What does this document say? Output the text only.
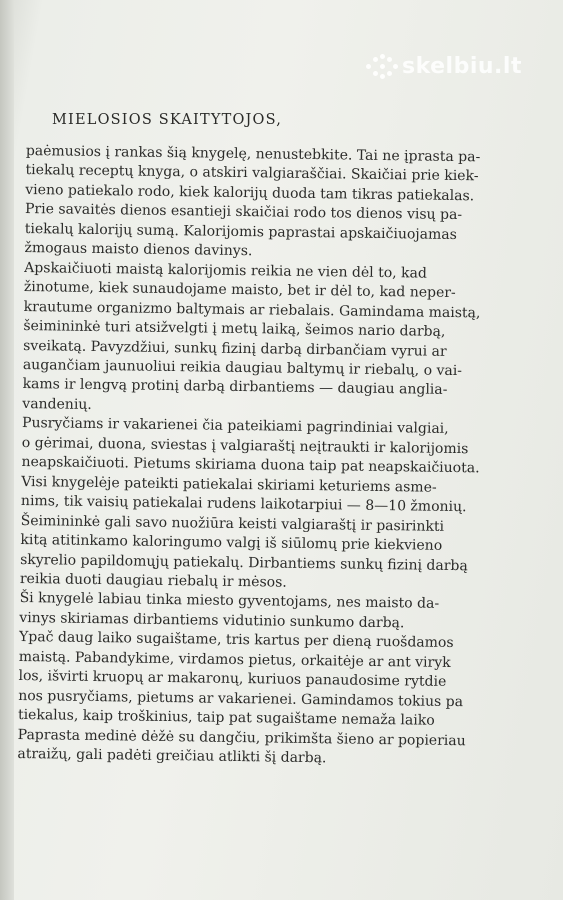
skelbiu.lt
MIELOSIOS SKAITYTOJOS,
paėmusios į rankas šią knygelę, nenustebkite. Tai ne įprasta pa-
tiekalų receptų knyga, o atskiri valgiaraščiai. Skaičiai prie kiek-
vieno patiekalo rodo, kiek kalorijų duoda tam tikras patiekalas.
Prie savaitės dienos esantieji skaičiai rodo tos dienos visų pa-
tiekalų kalorijų sumą. Kalorijomis paprastai apskaičiuojamas
žmogaus maisto dienos davinys.
Apskaičiuoti maistą kalorijomis reikia ne vien dėl to, kad
žinotume, kiek sunaudojame maisto, bet ir dėl to, kad neper-
krautume organizmo baltymais ar riebalais. Gamindama maistą,
šeimininkė turi atsižvelgti į metų laiką, šeimos nario darbą,
sveikatą. Pavyzdžiui, sunkų fizinį darbą dirbančiam vyrui ar
augančiam jaunuoliui reikia daugiau baltymų ir riebalų, o vai-
kams ir lengvą protinį darbą dirbantiems — daugiau anglia-
vandenių.
Pusryčiams ir vakarienei čia pateikiami pagrindiniai valgiai,
o gėrimai, duona, sviestas į valgiaraštį neįtraukti ir kalorijomis
neapskaičiuoti. Pietums skiriama duona taip pat neapskaičiuota.
Visi knygelėje pateikti patiekalai skiriami keturiems asme-
nims, tik vaisių patiekalai rudens laikotarpiui — 8—10 žmonių.
Šeimininkė gali savo nuožiūra keisti valgiaraštį ir pasirinkti
kitą atitinkamo kaloringumo valgį iš siūlomų prie kiekvieno
skyrelio papildomųjų patiekalų. Dirbantiems sunkų fizinį darbą
reikia duoti daugiau riebalų ir mėsos.
Ši knygelė labiau tinka miesto gyventojams, nes maisto da-
vinys skiriamas dirbantiems vidutinio sunkumo darbą.
Ypač daug laiko sugaištame, tris kartus per dieną ruošdamos
maistą. Pabandykime, virdamos pietus, orkaitėje ar ant viryk
los, išvirti kruopų ar makaronų, kuriuos panaudosime rytdie
nos pusryčiams, pietums ar vakarienei. Gamindamos tokius pa
tiekalus, kaip troškinius, taip pat sugaištame nemaža laiko
Paprasta medinė dėžė su dangčiu, prikimšta šieno ar popieriau
atraižų, gali padėti greičiau atlikti šį darbą.
